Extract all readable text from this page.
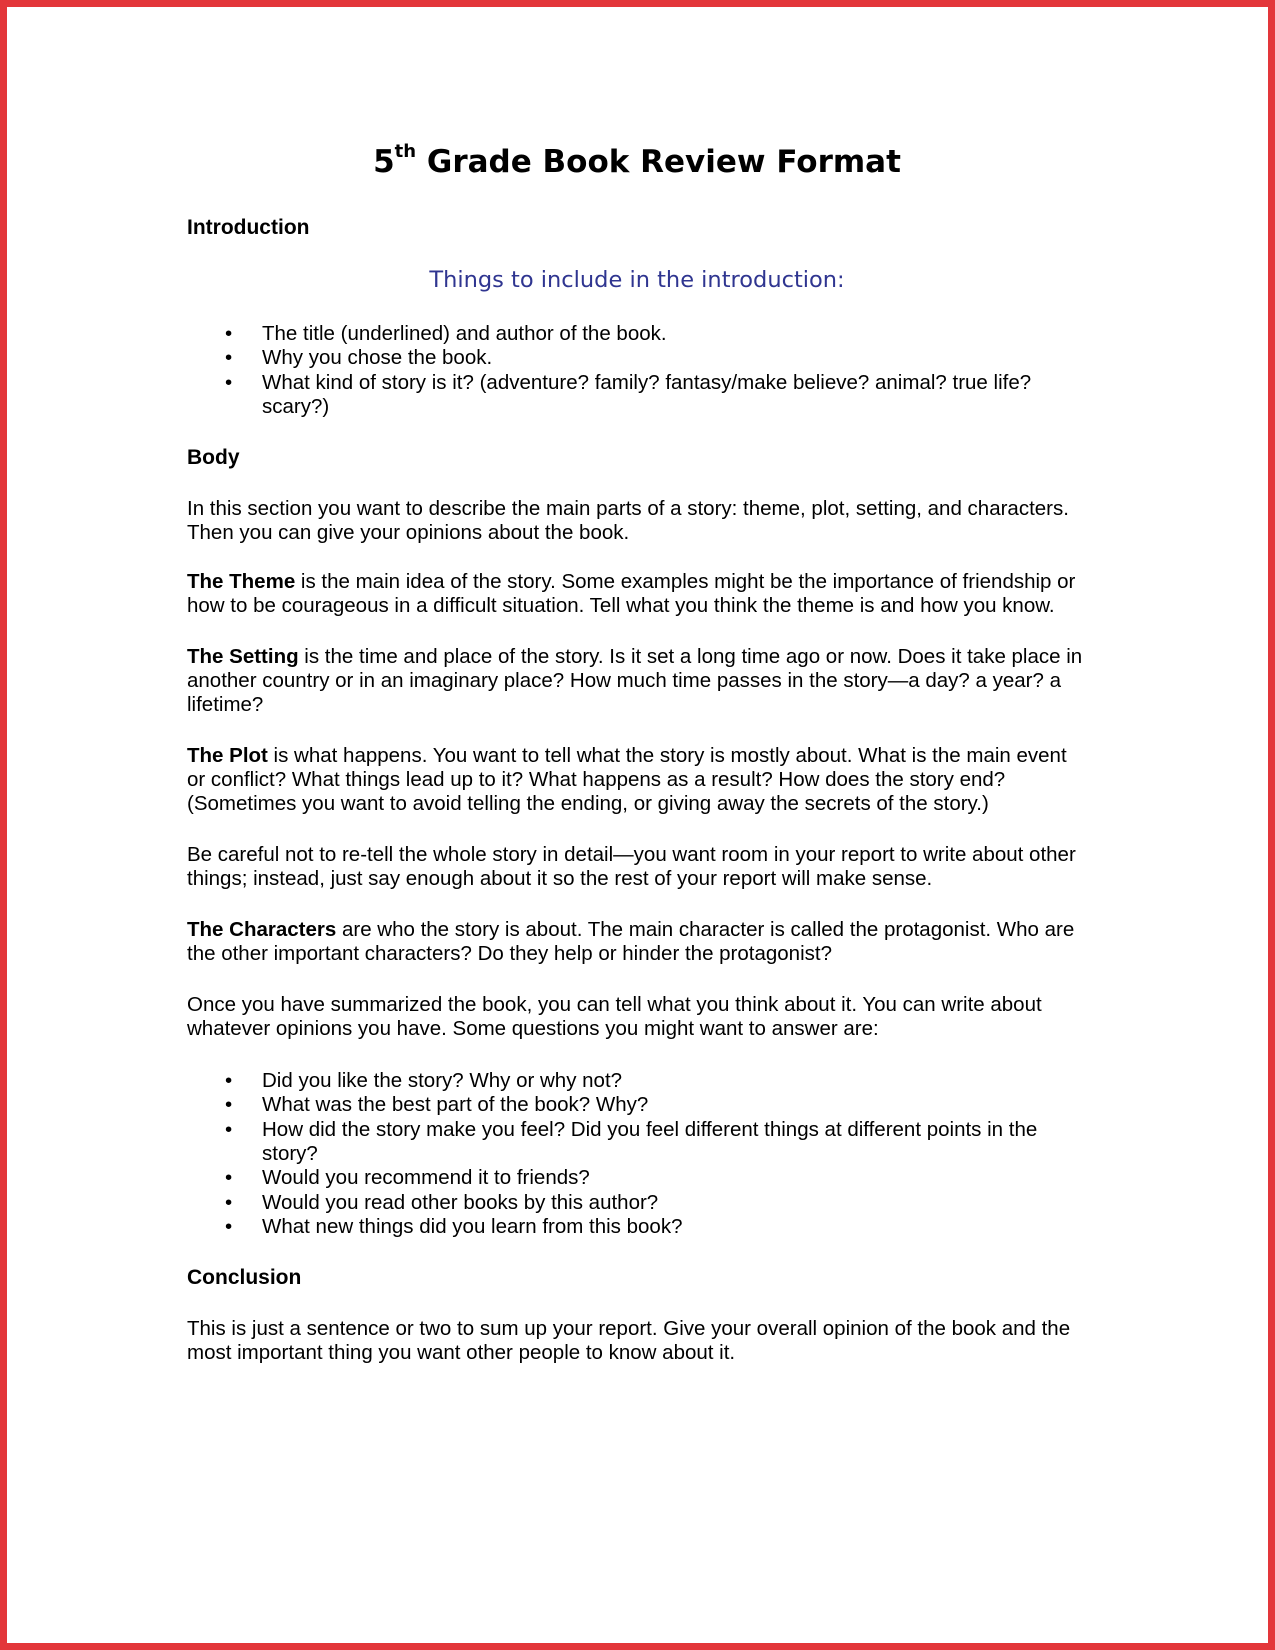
5th Grade Book Review Format
Introduction
Things to include in the introduction:
• The title (underlined) and author of the book.
• Why you chose the book.
• What kind of story is it? (adventure? family? fantasy/make believe? animal? true life? scary?)
Body

In this section you want to describe the main parts of a story: theme, plot, setting, and characters. Then you can give your opinions about the book.

The Theme is the main idea of the story. Some examples might be the importance of friendship or how to be courageous in a difficult situation. Tell what you think the theme is and how you know.

The Setting is the time and place of the story. Is it set a long time ago or now. Does it take place in another country or in an imaginary place? How much time passes in the story—a day? a year? a lifetime?

The Plot is what happens. You want to tell what the story is mostly about. What is the main event or conflict? What things lead up to it? What happens as a result? How does the story end? (Sometimes you want to avoid telling the ending, or giving away the secrets of the story.)

Be careful not to re-tell the whole story in detail—you want room in your report to write about other things; instead, just say enough about it so the rest of your report will make sense.

The Characters are who the story is about. The main character is called the protagonist. Who are the other important characters? Do they help or hinder the protagonist?

Once you have summarized the book, you can tell what you think about it. You can write about whatever opinions you have. Some questions you might want to answer are:

• Did you like the story? Why or why not?
• What was the best part of the book? Why?
• How did the story make you feel? Did you feel different things at different points in the story?
• Would you recommend it to friends?
• Would you read other books by this author?
• What new things did you learn from this book?
Conclusion

This is just a sentence or two to sum up your report. Give your overall opinion of the book and the most important thing you want other people to know about it.
